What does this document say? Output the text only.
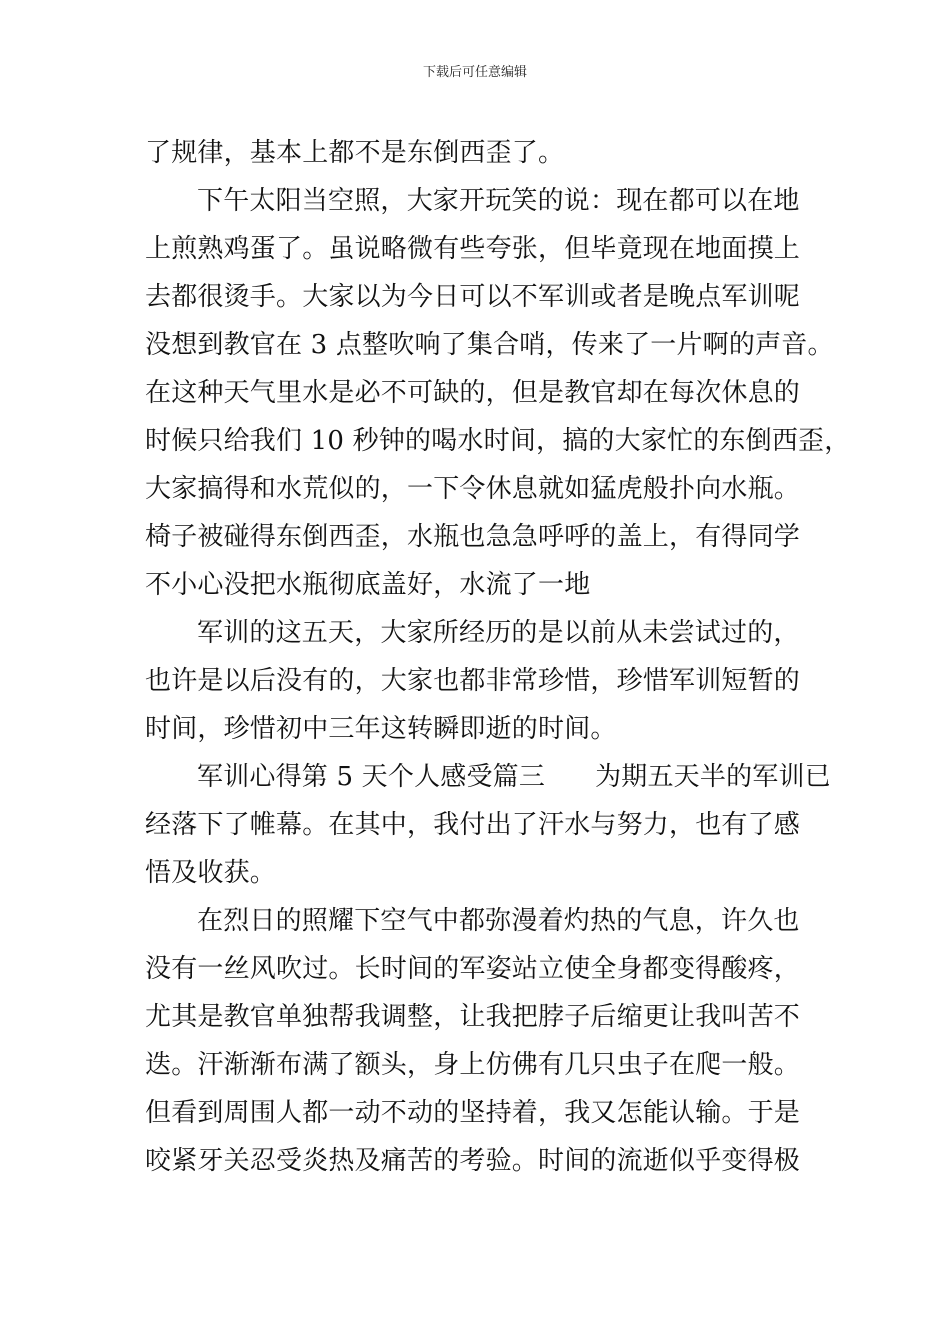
下载后可任意编辑
了规律，基本上都不是东倒西歪了。
下午太阳当空照，大家开玩笑的说：现在都可以在地
上煎熟鸡蛋了。虽说略微有些夸张，但毕竟现在地面摸上
去都很烫手。大家以为今日可以不军训或者是晚点军训呢
没想到教官在 3 点整吹响了集合哨，传来了一片啊的声音。
在这种天气里水是必不可缺的，但是教官却在每次休息的
时候只给我们 10 秒钟的喝水时间，搞的大家忙的东倒西歪，
大家搞得和水荒似的，一下令休息就如猛虎般扑向水瓶。
椅子被碰得东倒西歪，水瓶也急急呼呼的盖上，有得同学
不小心没把水瓶彻底盖好，水流了一地
军训的这五天，大家所经历的是以前从未尝试过的，
也许是以后没有的，大家也都非常珍惜，珍惜军训短暂的
时间，珍惜初中三年这转瞬即逝的时间。
军训心得第 5 天个人感受篇三 为期五天半的军训已
经落下了帷幕。在其中，我付出了汗水与努力，也有了感
悟及收获。
在烈日的照耀下空气中都弥漫着灼热的气息，许久也
没有一丝风吹过。长时间的军姿站立使全身都变得酸疼，
尤其是教官单独帮我调整，让我把脖子后缩更让我叫苦不
迭。汗渐渐布满了额头，身上仿佛有几只虫子在爬一般。
但看到周围人都一动不动的坚持着，我又怎能认输。于是
咬紧牙关忍受炎热及痛苦的考验。时间的流逝似乎变得极
